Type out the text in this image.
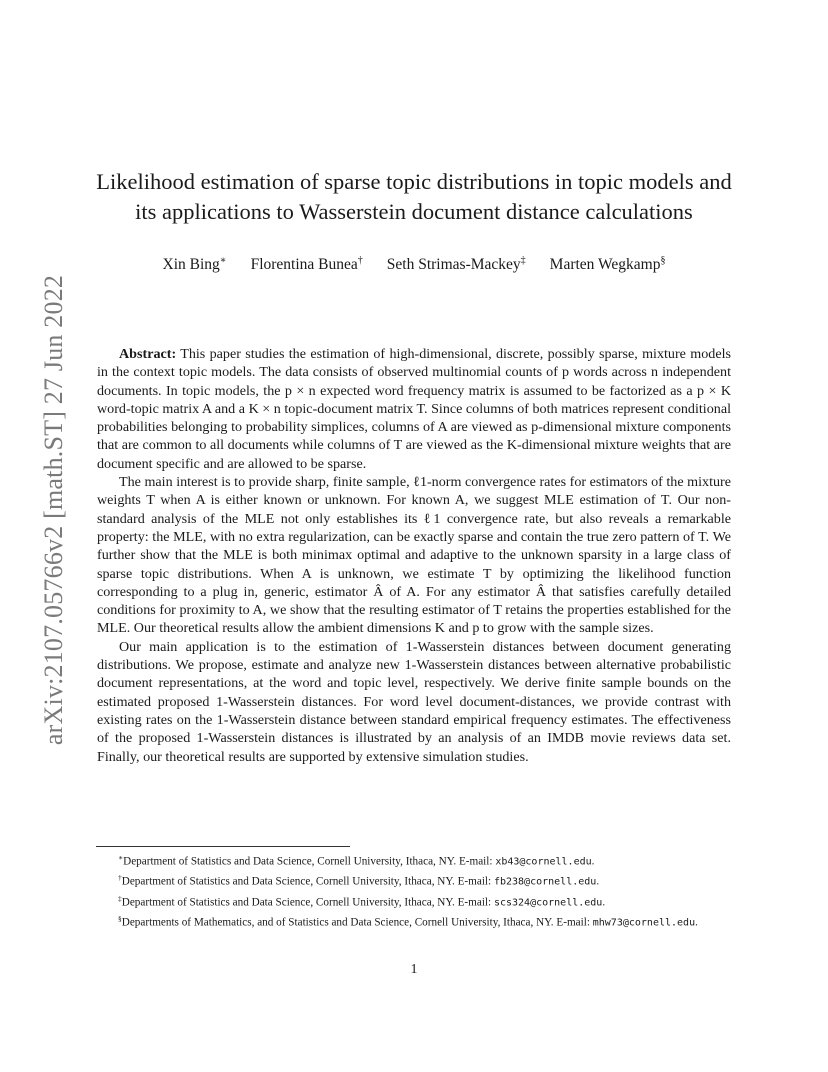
arXiv:2107.05766v2 [math.ST] 27 Jun 2022
Likelihood estimation of sparse topic distributions in topic models and its applications to Wasserstein document distance calculations
Xin Bing∗ Florentina Bunea† Seth Strimas-Mackey‡ Marten Wegkamp§

Abstract: This paper studies the estimation of high-dimensional, discrete, possibly sparse, mixture models in the context topic models. The data consists of observed multinomial counts of p words across n independent documents. In topic models, the p × n expected word frequency matrix is assumed to be factorized as a p × K word-topic matrix A and a K × n topic-document matrix T. Since columns of both matrices represent conditional probabilities belonging to probability simplices, columns of A are viewed as p-dimensional mixture components that are common to all documents while columns of T are viewed as the K-dimensional mixture weights that are document specific and are allowed to be sparse.

The main interest is to provide sharp, finite sample, ℓ1-norm convergence rates for estimators of the mixture weights T when A is either known or unknown. For known A, we suggest MLE estimation of T. Our non-standard analysis of the MLE not only establishes its ℓ1 convergence rate, but also reveals a remarkable property: the MLE, with no extra regularization, can be exactly sparse and contain the true zero pattern of T. We further show that the MLE is both minimax optimal and adaptive to the unknown sparsity in a large class of sparse topic distributions. When A is unknown, we estimate T by optimizing the likelihood function corresponding to a plug in, generic, estimator Â of A. For any estimator Â that satisfies carefully detailed conditions for proximity to A, we show that the resulting estimator of T retains the properties established for the MLE. Our theoretical results allow the ambient dimensions K and p to grow with the sample sizes.

Our main application is to the estimation of 1-Wasserstein distances between document generating distributions. We propose, estimate and analyze new 1-Wasserstein distances between alternative probabilistic document representations, at the word and topic level, respectively. We derive finite sample bounds on the estimated proposed 1-Wasserstein distances. For word level document-distances, we provide contrast with existing rates on the 1-Wasserstein distance between standard empirical frequency estimates. The effectiveness of the proposed 1-Wasserstein distances is illustrated by an analysis of an IMDB movie reviews data set. Finally, our theoretical results are supported by extensive simulation studies.

∗Department of Statistics and Data Science, Cornell University, Ithaca, NY. E-mail: xb43@cornell.edu.
†Department of Statistics and Data Science, Cornell University, Ithaca, NY. E-mail: fb238@cornell.edu.
‡Department of Statistics and Data Science, Cornell University, Ithaca, NY. E-mail: scs324@cornell.edu.
§Departments of Mathematics, and of Statistics and Data Science, Cornell University, Ithaca, NY. E-mail: mhw73@cornell.edu.
1
